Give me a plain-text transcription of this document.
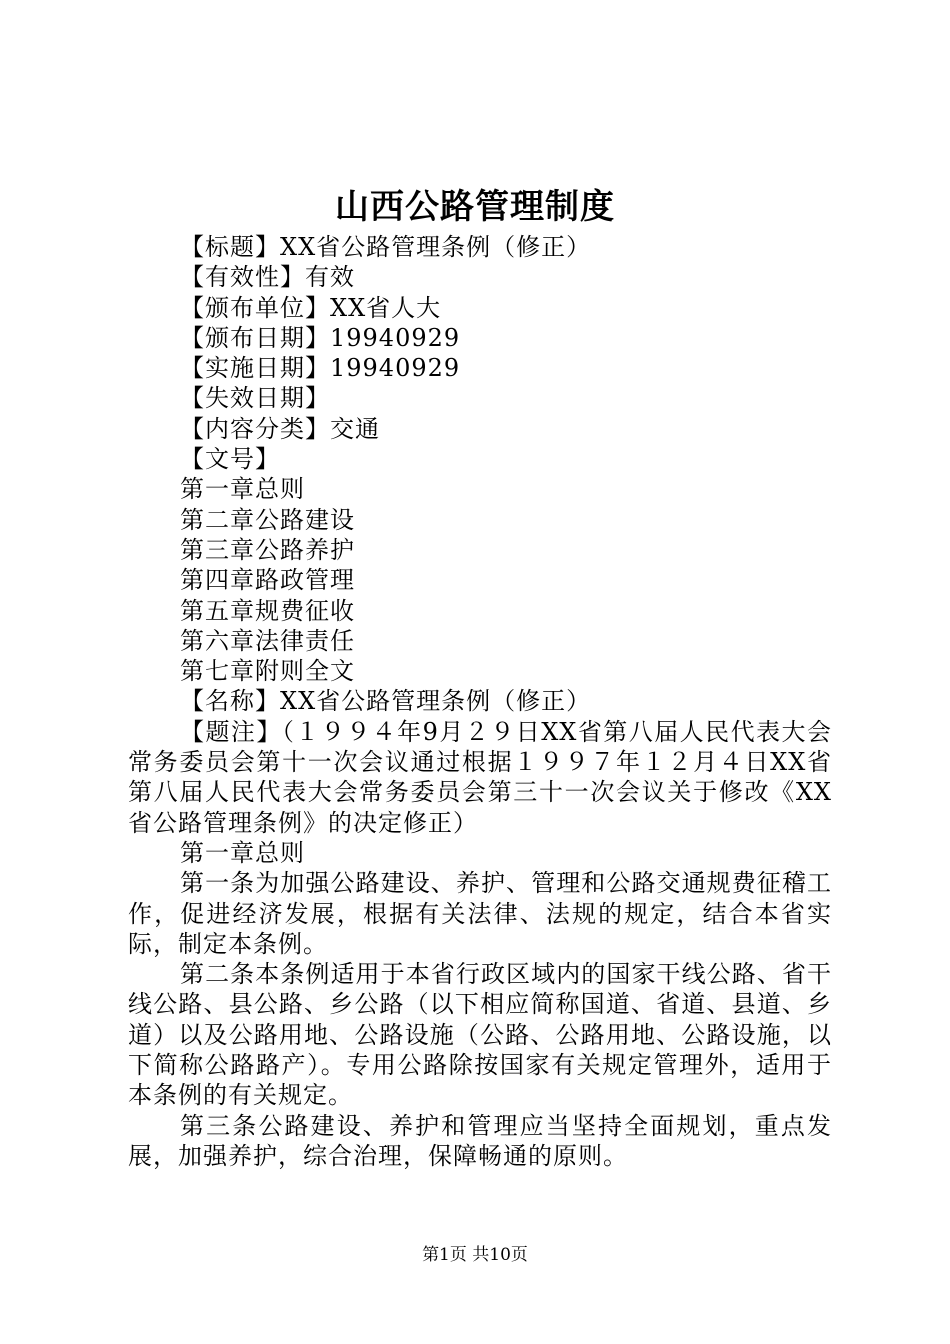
山西公路管理制度

【标题】XX省公路管理条例（修正）

【有效性】有效

【颁布单位】XX省人大

【颁布日期】19940929

【实施日期】19940929

【失效日期】

【内容分类】交通

【文号】

第一章总则

第二章公路建设

第三章公路养护

第四章路政管理

第五章规费征收

第六章法律责任

第七章附则全文

【名称】XX省公路管理条例（修正）

【题注】（１９９４年9月２９日XX省第八届人民代表大会常务委员会第十一次会议通过根据１９９７年１２月４日XX省第八届人民代表大会常务委员会第三十一次会议关于修改《XX省公路管理条例》的决定修正）

第一章总则

第一条为加强公路建设、养护、管理和公路交通规费征稽工作，促进经济发展，根据有关法律、法规的规定，结合本省实际，制定本条例。

第二条本条例适用于本省行政区域内的国家干线公路、省干线公路、县公路、乡公路（以下相应简称国道、省道、县道、乡道）以及公路用地、公路设施（公路、公路用地、公路设施，以下简称公路路产）。专用公路除按国家有关规定管理外，适用于本条例的有关规定。

第三条公路建设、养护和管理应当坚持全面规划，重点发展，加强养护，综合治理，保障畅通的原则。

第1页 共10页
